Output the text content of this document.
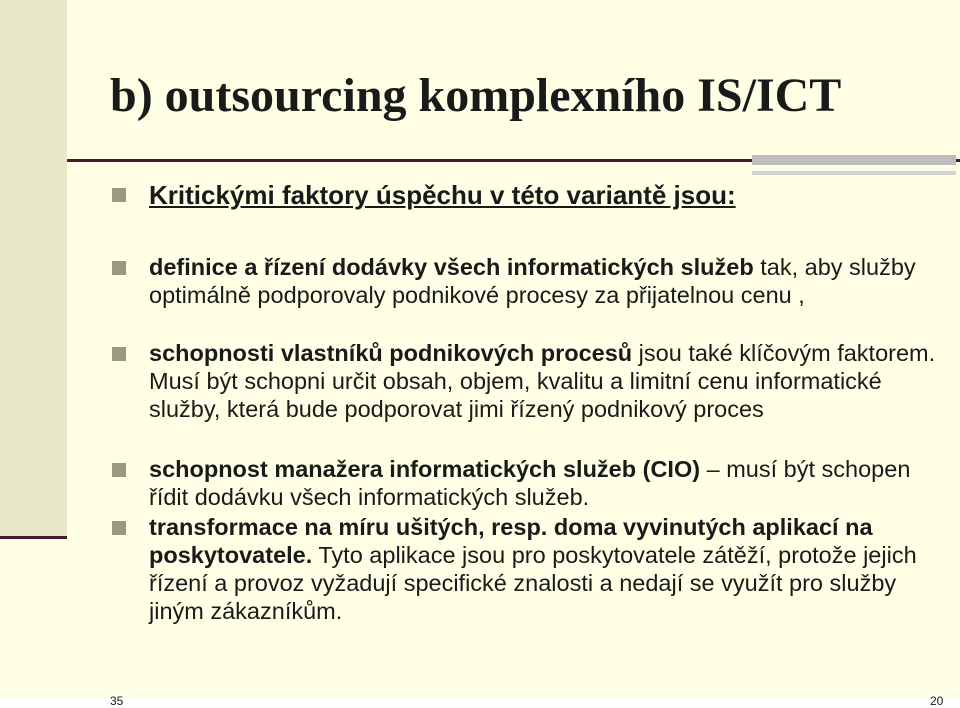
b) outsourcing komplexního IS/ICT

Kritickými faktory úspěchu v této variantě jsou:

definice a řízení dodávky všech informatických služeb tak, aby služby optimálně podporovaly podnikové procesy za přijatelnou cenu ,

schopnosti vlastníků podnikových procesů jsou také klíčovým faktorem. Musí být schopni určit obsah, objem, kvalitu a limitní cenu informatické služby, která bude podporovat jimi řízený podnikový proces

schopnost manažera informatických služeb (CIO) – musí být schopen řídit dodávku všech informatických služeb.

transformace na míru ušitých, resp. doma vyvinutých aplikací na poskytovatele. Tyto aplikace jsou pro poskytovatele zátěží, protože jejich řízení a provoz vyžadují specifické znalosti a nedají se využít pro služby jiným zákazníkům.

35	20
